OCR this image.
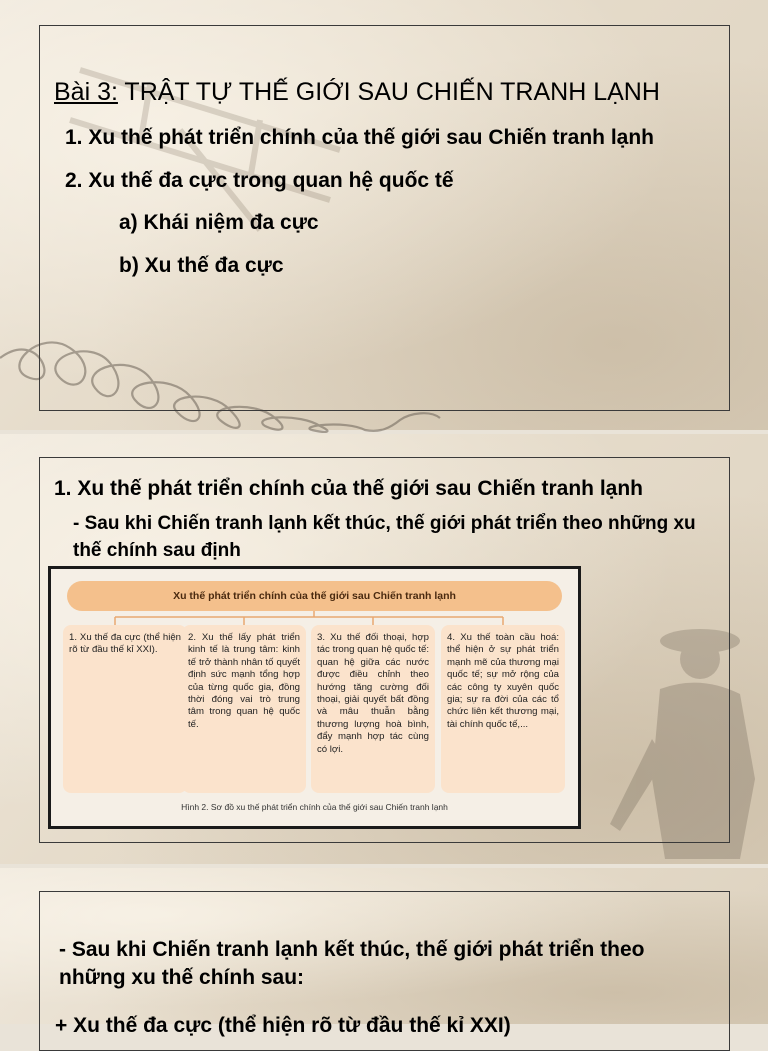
Bài 3: TRẬT TỰ THẾ GIỚI SAU CHIẾN TRANH LẠNH
1. Xu thế phát triển chính của thế giới sau Chiến tranh lạnh
2. Xu thế đa cực trong quan hệ quốc tế
a) Khái niệm đa cực
b) Xu thế đa cực
1. Xu thế phát triển chính của thế giới sau Chiến tranh lạnh
- Sau khi Chiến tranh lạnh kết thúc, thế giới phát triển theo những xu thế chính sau định
Xu thế phát triển chính của thế giới sau Chiến tranh lạnh
1. Xu thế đa cực (thể hiện rõ từ đầu thế kỉ XXI).
2. Xu thế lấy phát triển kinh tế là trung tâm: kinh tế trở thành nhân tố quyết định sức mạnh tổng hợp của từng quốc gia, đồng thời đóng vai trò trung tâm trong quan hệ quốc tế.
3. Xu thế đối thoại, hợp tác trong quan hệ quốc tế: quan hệ giữa các nước được điều chỉnh theo hướng tăng cường đối thoại, giải quyết bất đồng và mâu thuẫn bằng thương lượng hoà bình, đẩy mạnh hợp tác cùng có lợi.
4. Xu thế toàn cầu hoá: thể hiện ở sự phát triển mạnh mẽ của thương mại quốc tế; sự mở rộng của các công ty xuyên quốc gia; sự ra đời của các tổ chức liên kết thương mại, tài chính quốc tế,...
Hình 2. Sơ đồ xu thế phát triển chính của thế giới sau Chiến tranh lạnh
- Sau khi Chiến tranh lạnh kết thúc, thế giới phát triển theo
những xu thế chính sau:
+ Xu thế đa cực (thể hiện rõ từ đầu thế kỉ XXI)
